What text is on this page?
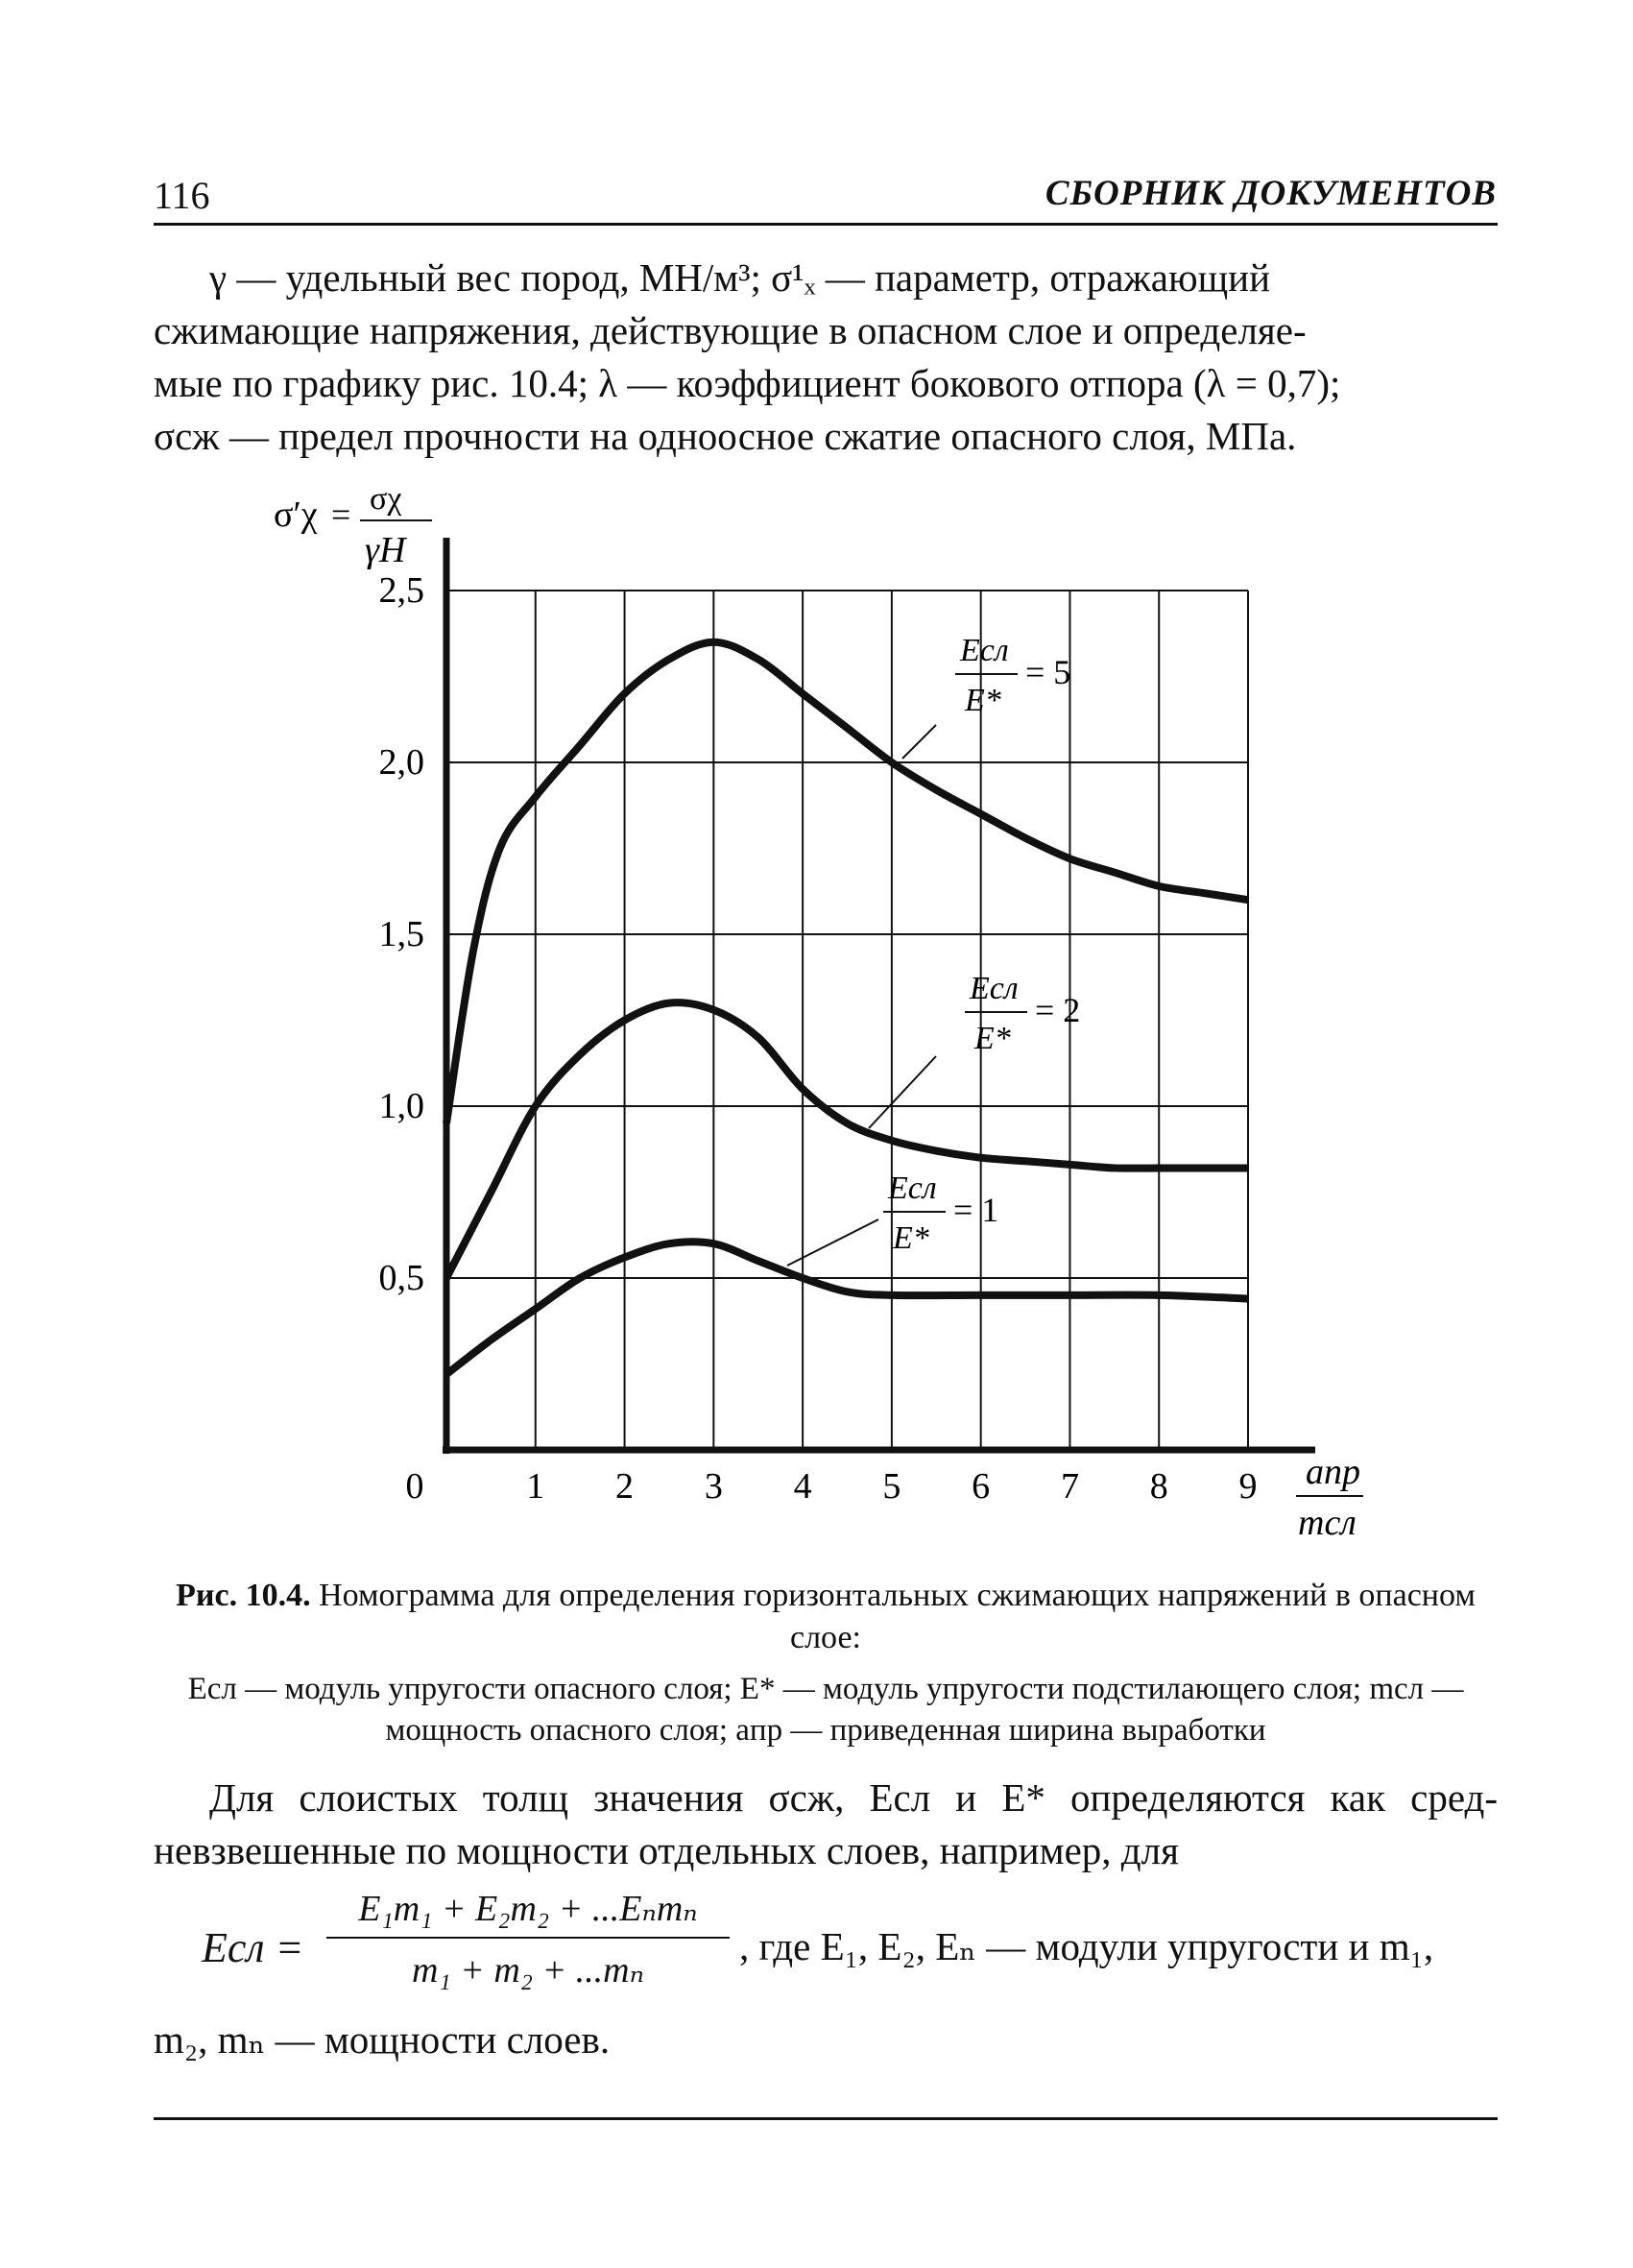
116	СБОРНИК ДОКУМЕНТОВ

γ — удельный вес пород, МН/м³; σ¹ₓ — параметр, отражающий

сжимающие напряжения, действующие в опасном слое и определяе-

мые по графику рис. 10.4; λ — коэффициент бокового отпора (λ = 0,7);

σсж — предел прочности на одноосное сжатие опасного слоя, МПа.

σ′χ = σχ
γH
0	1 2 3 4 5 6 7 8 9
0,5
1,0
1,5
2,0
2,5
aпр
mсл
Eсл
E*
= 5
Eсл
E*
= 2
Eсл
E*
= 1
Рис. 10.4. Номограмма для определения горизонтальных сжимающих напряжений в опасном слое:
Eсл — модуль упругости опасного слоя; E* — модуль упругости подстилающего слоя; mсл — мощность опасного слоя; aпр — приведенная ширина выработки

Для слоистых толщ значения σсж, Eсл и E* определяются как сред-невзвешенные по мощности отдельных слоев, например, для

Eсл =
E₁m₁ + E₂m₂ + ...Eₙmₙ
m₁ + m₂ + ...mₙ
, где E₁, E₂, Eₙ — модули упругости и m₁,
m₂, mₙ — мощности слоев.
